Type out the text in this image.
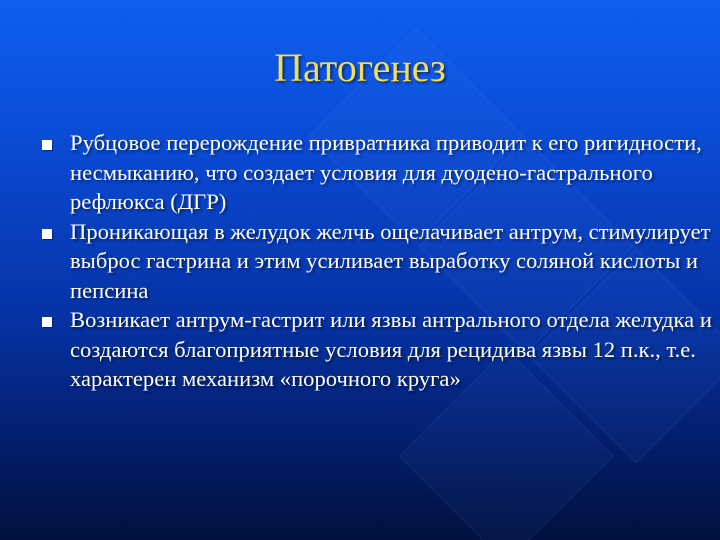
Патогенез
Рубцовое перерождение привратника приводит к его ригидности, несмыканию, что создает условия для дуодено-гастрального рефлюкса (ДГР)
Проникающая в желудок желчь ощелачивает антрум, стимулирует выброс гастрина и этим усиливает выработку соляной кислоты и пепсина
Возникает антрум-гастрит или язвы антрального отдела желудка и создаются благоприятные условия для рецидива язвы 12 п.к., т.е. характерен механизм «порочного круга»
